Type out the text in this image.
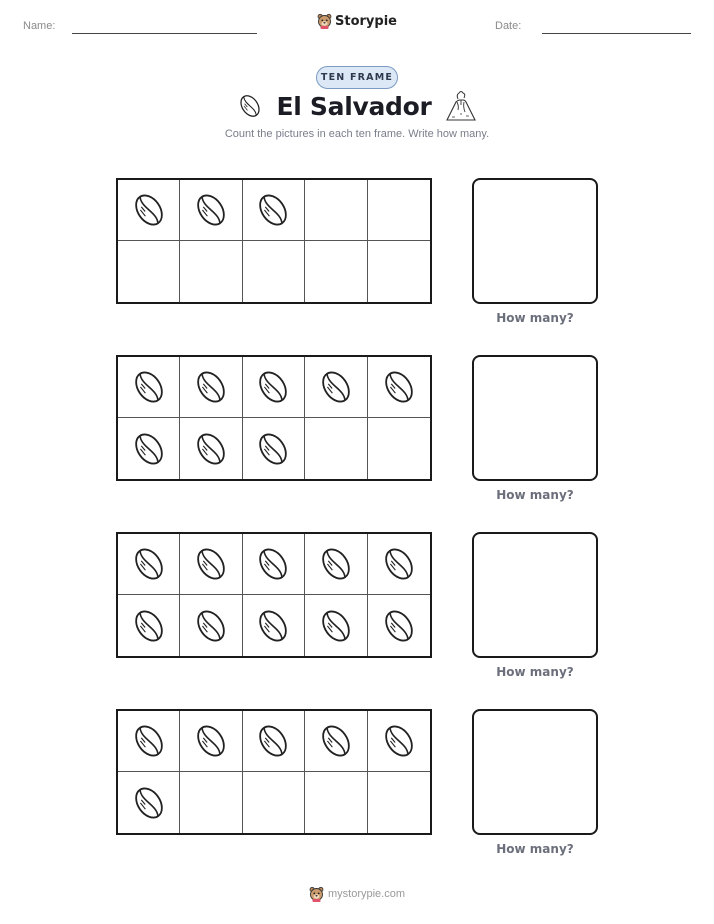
Name:	Storypie	Date:
TEN FRAME
El Salvador
Count the pictures in each ten frame. Write how many.
How many?
How many?
How many?
How many?
mystorypie.com
